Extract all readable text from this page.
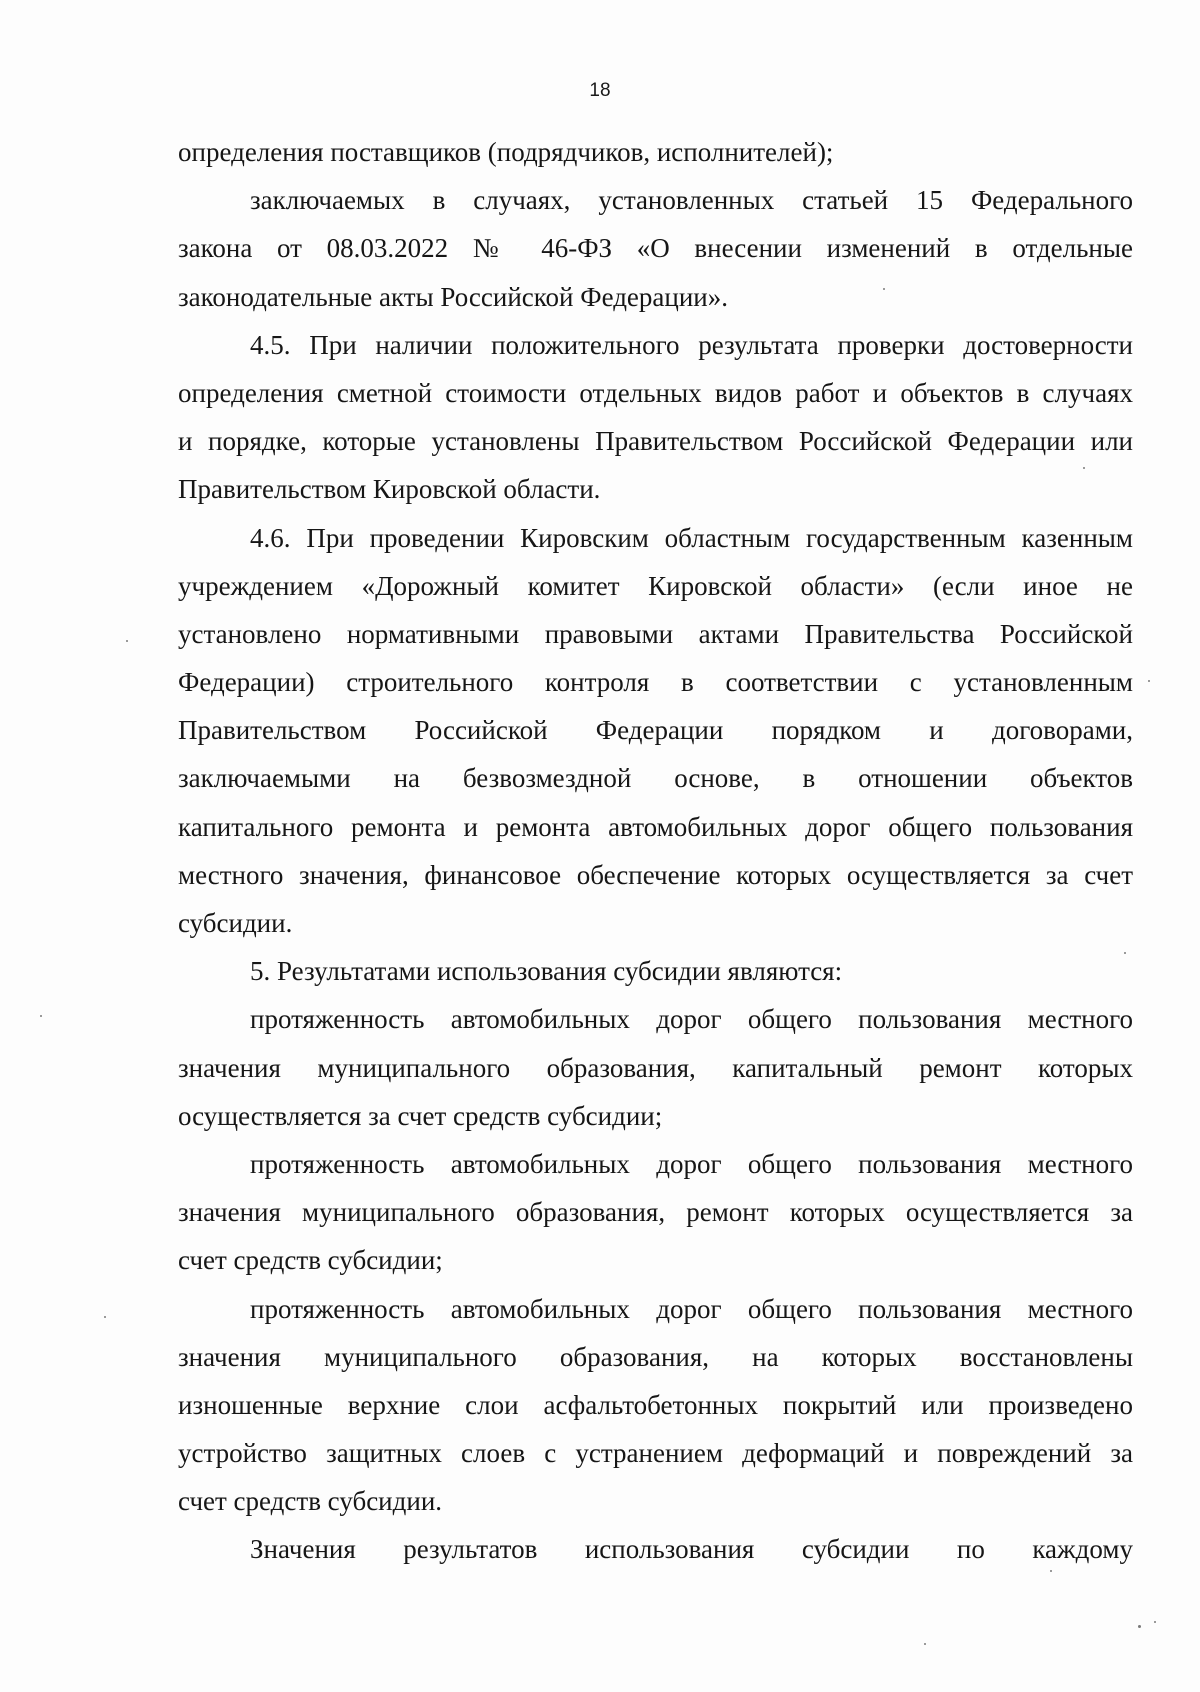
18
определения поставщиков (подрядчиков, исполнителей);
заключаемых в случаях, установленных статьей 15 Федерального
закона от 08.03.2022 № 46-ФЗ «О внесении изменений в отдельные
законодательные акты Российской Федерации».
4.5. При наличии положительного результата проверки достоверности
определения сметной стоимости отдельных видов работ и объектов в случаях
и порядке, которые установлены Правительством Российской Федерации или
Правительством Кировской области.
4.6. При проведении Кировским областным государственным казенным
учреждением «Дорожный комитет Кировской области» (если иное не
установлено нормативными правовыми актами Правительства Российской
Федерации) строительного контроля в соответствии с установленным
Правительством Российской Федерации порядком и договорами,
заключаемыми на безвозмездной основе, в отношении объектов
капитального ремонта и ремонта автомобильных дорог общего пользования
местного значения, финансовое обеспечение которых осуществляется за счет
субсидии.
5. Результатами использования субсидии являются:
протяженность автомобильных дорог общего пользования местного
значения муниципального образования, капитальный ремонт которых
осуществляется за счет средств субсидии;
протяженность автомобильных дорог общего пользования местного
значения муниципального образования, ремонт которых осуществляется за
счет средств субсидии;
протяженность автомобильных дорог общего пользования местного
значения муниципального образования, на которых восстановлены
изношенные верхние слои асфальтобетонных покрытий или произведено
устройство защитных слоев с устранением деформаций и повреждений за
счет средств субсидии.
Значения результатов использования субсидии по каждому
